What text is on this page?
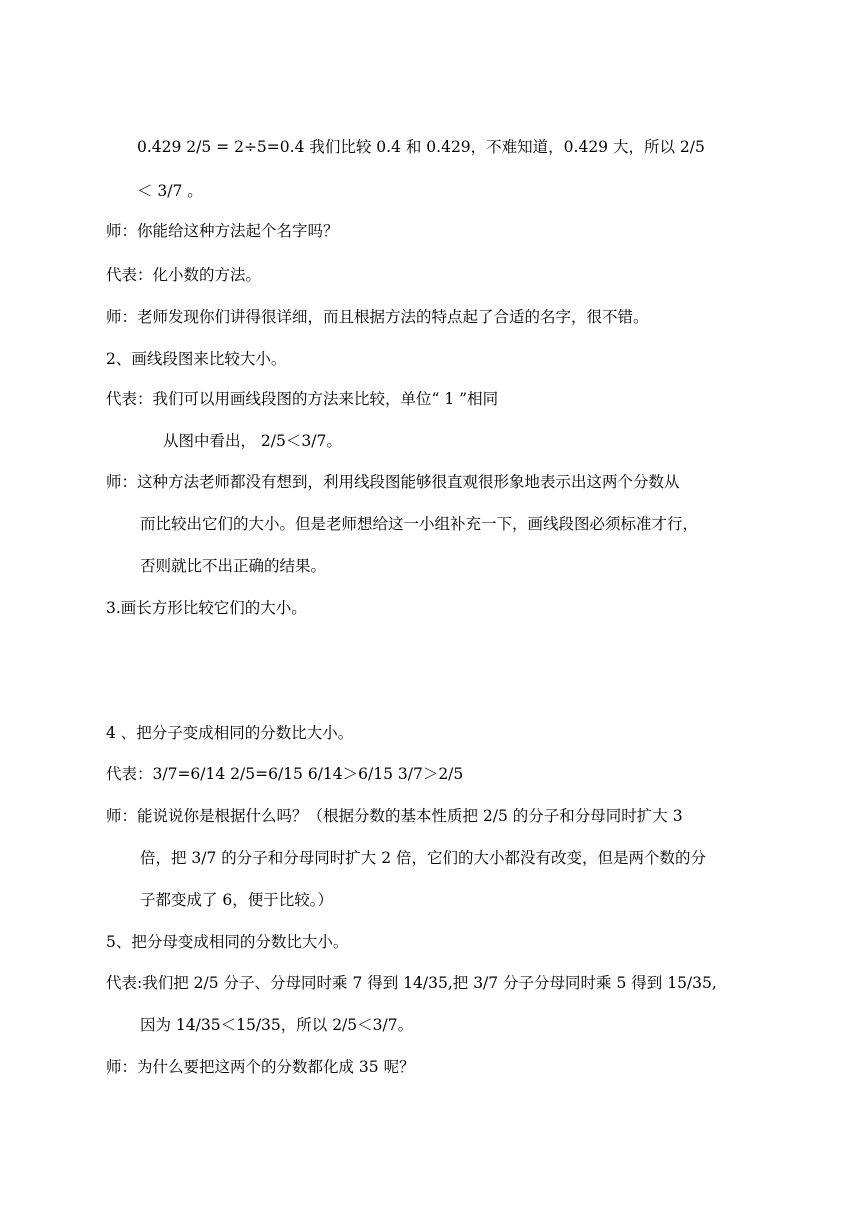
0.429 2/5 = 2÷5=0.4 我们比较 0.4 和 0.429，不难知道，0.429 大，所以 2/5
＜ 3/7 。
师：你能给这种方法起个名字吗？
代表：化小数的方法。
师：老师发现你们讲得很详细，而且根据方法的特点起了合适的名字，很不错。
2、画线段图来比较大小。
代表：我们可以用画线段图的方法来比较，单位“ 1 ”相同
从图中看出， 2/5＜3/7。
师：这种方法老师都没有想到，利用线段图能够很直观很形象地表示出这两个分数从
而比较出它们的大小。但是老师想给这一小组补充一下，画线段图必须标准才行，
否则就比不出正确的结果。
3.画长方形比较它们的大小。
4 、把分子变成相同的分数比大小。
代表：3/7=6/14 2/5=6/15 6/14＞6/15 3/7＞2/5
师：能说说你是根据什么吗？（根据分数的基本性质把 2/5 的分子和分母同时扩大 3
倍，把 3/7 的分子和分母同时扩大 2 倍，它们的大小都没有改变，但是两个数的分
子都变成了 6，便于比较。）
5、把分母变成相同的分数比大小。
代表:我们把 2/5 分子、分母同时乘 7 得到 14/35,把 3/7 分子分母同时乘 5 得到 15/35,
因为 14/35＜15/35，所以 2/5＜3/7。
师：为什么要把这两个的分数都化成 35 呢？
